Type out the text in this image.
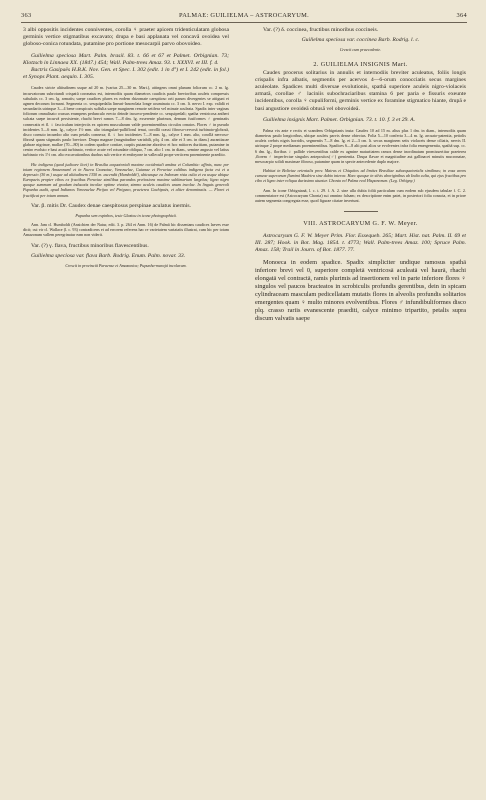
363	PALMAE: GUILIELMA – ASTROCARYUM.	364

3 albi oppositis incidentes conniventes, corolla ♀ praeter apicem tridenticulatam globosa germinis vertice stigmatibus excavato; drupa e basi applanata vel concavâ ovoidea vel globoso-conica rotundata, putamine pro portione mesocarpii parvo obovoideo.

Guilielma speciosa Mart. Palm. brasil. 83. t. 66 et 67 et Palmet. Orbignian. 73; Klotzsch in Linnaea XX. (1847.) 454; Wall. Palm-trees Amaz. 93. t. XXXVI. et III. f. 4.

Bactris Gasipaës H.B.K. Nov. Gen. et Spec. I. 302 (edit. 1 in 4°) et I. 242 (edit. in fol.) et Synops Plant. aequin. I. 305.

Caudex stricte altitudinem usque ad 20 m. (varius 25—30 m. Mart.), attingens omni planum foliorum cc. 2 m. lg. incurvatorum subrotundi crispatū coronatus est, internodiis quam diametros caudicis paulo brevioribus aculeis compressis subulatis cc. 3 cm. lg. armatis; saepe caudices plures ex eodem rhizomate caespitoso orti parum divergentes se attigunt et agmen decorum formant. Segmenta cc. sesquipedalia lineari-lanceolata longe acuminata cc. 3 cm. lt. nervo I. exp. validā et secundariis utrinque 3—4 bene conspicuis suffulta saepe marginem remote setifera vel minute aculeata. Spadix inter vaginas foliorum omnalisato crassus erumpens pedunculo erecto deinde incurvo-pendente cc. sesquipedali; spatha ventricosa antheri sulcata saepe incurvā persistente, rhachi brevi ramos 7—8 dm. lg. exserente plurimos, demum fusiformes ♂ geminatis connecatis et fl. ♀ fasciculum interjectis ex apicem muscularum valde proeminentibus circulos ornatos. Flores ♂ in pseudo incidentes 5—6 mm. lg., calyce 1½ mm. alto triangulari-palliflorul tenui, corollā crassi fibroso-cervosā turbinato-globosā, disco cornuto incumbo alto cum petalis connexa; fl. ♀ hoc incidentes 7—8 mm. lg., calyce 1 mm. alto, corollā nervoso-fibrosā quam stigmatis paulo breviore. Drupa magnae (magnitudine variabili, plq. 4 cm. alte et 3 cm. in diam.) aurantiacae glabrae nigrinae, mallae (70—80) in codem spadice contiae, carpiis putamine abortivo et hoc mitiores duritiam, putamine in centro evoluto e basi acutā turbinato, vertice acute vel rotundate obliquo, 7 cm. alto 1 cm. in diam., semine angusto vel latius turbinato vix 1½ cm. alto excavationibus duobus sub vertice et embryone in valleculā prope verticem proeminente praedito.

Hic indigena (quod judicare licet) in Brasilia aequatoriali maxime occidentali amāna et Columbia: affinis, nunc per totam regionem Amazonum! et in Nueva Granatae, Venezuelae, Guianae et Peruviae cultibus indigena facta est et a depressio (30 m.) usque ad altitudinem 1350 m. ascendit (Humboldt!), ubicunque ea Indorum risia culta et ea usque ubique Europaeis propter cibos ex fructibus Peruviae similibus parandos pretiosiora maxime sublimarium largeīus; ligno nigro quoque summam ad gradum inducatis incolae optime vivatur, simmo aculeis caudicis unum incolae. In linguis generali Pupunha audit, apud Indianos Venezuelae Pirijao vel Pirigvao, praeterea Gachipaës, et aliter denominatis. — Floret et fructificat per totum annum.

Var. β. mitis Dr. Caudex denae caespitosus perspinae aculatus inermis.

Pupunha sem espinhos, teste Glaziou in icone photographicā.

Ann. Jam cl. Humboldt (Ansichten der Natur, edit. 3. p. 264 et Anm. 16) de Palmā hic dissentans caudices laeves esse dicit; cui vir cl. Wallace (l. c. 93) contradicens et ad errorem referens hac re varietatem variatatis illustrat, cum hic per totam Amazonum vallem peregrinatur eam non viderit.

Var. (?) γ. flava, fructibus minoribus flavescentibus.

Guilielma speciosa var. flava Barb. Rodrig. Enum. Palm. novar. 33.

Crescit in provinciā Paraense et Amazonica; Pupunha-marajá incolarum.

Var. (?) δ. coccinea, fructibus minoribus coccineis.

Guilielma speciosa var. coccinea Barb. Rodrig. l. c.

Crescit cum praecedente.

2. GUILIELMA INSIGNIS Mart.

Caudex procerus solitarius in annulis et internodiis breviter aculeatus, foliis longis crispalis infra albatis, segmentis per acervos 4—6-orum conocciatis secus margines aculeolate. Spadices multi diversae evolutionis, spathā superiore aculeis nigro-violaceis armatā, corollae ♂ laciniis subochraciaribus stamina 6 per paria e fissuris exeunte incidentibus, corolla ♀ cupuliformi, germinis vertice ex foramine stigmatico hiante, drupā e basi angustiore ovoideā obtusā vel obovoideā.

Guilielma insignis Mart. Palmet. Orbignian. 73. t. 10. f. 3 et 29. A.

Palma vix ante e rectis et scandens Orbignianis insta: Caudex 10 ad 15 m. altus plus 1 dm. in diam., internodiis quam diametrus paulo longioribus, ubique aculeis parvis dense obtectus. Folia 5—10 conferta 3—4 m. lg. arcuato-patentia, petiolis aculeis crebris nigris horridis, segmentis 7—8 dm. lg. et 2—3 cm. lt. secus marginem setis violaceis dense ciliatis, nervis II. utrinque 2 prope medianum proeminentibus. Spadices 6—8 alti post alios se evolventes infra folia emergenentia, spathā sup. cc. 6 dm. lg., floribus ♀ pallide virescentibus calde ex agmine maturitatem ramos dense inordinatum promisuertitur praeterea ,florem ♂ imperfectae singulos antepositos(♂) grenientia. Drupa flavae et magnitudine aut gallinacei minutis mucronatae, mesocarpio solidi maximae fibroso, putamine quam in specie antecedente duplo majore.

Habitat in Boliviae orientalis prov. Mairas et Chiquitos ad limites Brasiliae subaequatorialis similinas; in eosa arens cumeae superarum flumimi Madeira sine dubio interea. Haec quoque in silvis aboriginibus ab India culta, qui ejus fructibus pro cibo et ligno inter reliqua durissimo utuntur. Chonta vel Palma real Hispanorum. (Leg. Orbigny.)

Ann. In icone Orbignianā, l. c. t. 29. f. A. 2. sine ulla dubia foliū particulum cum eodem sub ejusdem tabulae f. C. 2. commentatore est (Astrocaryum Chonta) sui omnino falsam; ex descriptione enim patet, in posteriori folia conacia, et in priore autem segmenta congregata esse, quod figurae citatae invertunt.

VIII. ASTROCARYUM G. F. W. Meyer.

Astrocaryum G. F. W. Meyer Prim. Flor. Essequeb. 265; Mart. Hist. nat. Palm. II. 69 et III. 287; Hook. in Bot. Mag. 1854. t. 4773; Wall. Palm-trees Amaz. 100; Spruce Palm. Amaz. 158; Trail in Journ. of Bot. 1877. 77.

Monoeca in eodem spadice. Spadix simpliciter undique ramosus spathā inferiore brevi vel 0, superiore completā ventricosā aculeatā vel haurā, rhachi elongatā vel contractā, ramis plurimis ad insertionem vel in parte inferiore flores ♀ singulos vel paucos bracteatos in scrobiculis profundis gerentibus, dein in spicam cylindraceam masculam pedicellatam mutatis flores in alveolis profundis solitarios emergentes quam ♀ multo minores evolventibus. Flores ♂ infundibuliformes disco plq. crasso rariis evanescente praediti, calyce minimo tripartito, petalis supra discum valvatis saepe
